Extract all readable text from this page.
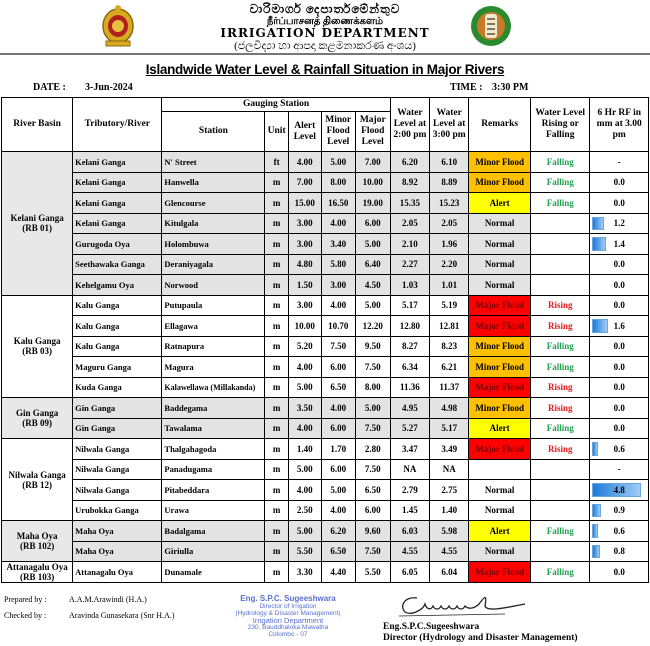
වාරිමාර්ග දෙපාර්තමේන්තුව
நீர்ப்பாசனத் திணைக்களம்
IRRIGATION DEPARTMENT
(ජලවිද්‍යා හා ආපදා කළමනාකරණ අංශය)
Islandwide Water Level & Rainfall Situation in Major Rivers
DATE : 3-Jun-2024	TIME : 3:30 PM
River Basin	Tributory/River	Gauging Station					Water Level at 2:00 pm	Water Level at 3:00 pm	Remarks	Water Level Rising or Falling	6 Hr RF in mm at 3.00 pm
		Station	Unit	Alert Level	Minor Flood Level	Major Flood Level					

Kelani Ganga
(RB 01)	Kelani Ganga	N' Street	ft	4.00	5.00	7.00	6.20	6.10	Minor Flood	Falling	-
	Kelani Ganga	Hanwella	m	7.00	8.00	10.00	8.92	8.89	Minor Flood	Falling	0.0
	Kelani Ganga	Glencourse	m	15.00	16.50	19.00	15.35	15.23	Alert	Falling	0.0
	Kelani Ganga	Kitulgala	m	3.00	4.00	6.00	2.05	2.05	Normal		1.2
	Gurugoda Oya	Holombuwa	m	3.00	3.40	5.00	2.10	1.96	Normal		1.4
	Seethawaka Ganga	Deraniyagala	m	4.80	5.80	6.40	2.27	2.20	Normal		0.0
	Kehelgamu Oya	Norwood	m	1.50	3.00	4.50	1.03	1.01	Normal		0.0

Kalu Ganga
(RB 03)	Kalu Ganga	Putupaula	m	3.00	4.00	5.00	5.17	5.19	Major Flood	Rising	0.0
	Kalu Ganga	Ellagawa	m	10.00	10.70	12.20	12.80	12.81	Major Flood	Rising	1.6
	Kalu Ganga	Ratnapura	m	5.20	7.50	9.50	8.27	8.23	Minor Flood	Falling	0.0
	Maguru Ganga	Magura	m	4.00	6.00	7.50	6.34	6.21	Minor Flood	Falling	0.0
	Kuda Ganga	Kalawellawa (Millakanda)	m	5.00	6.50	8.00	11.36	11.37	Major Flood	Rising	0.0

Gin Ganga
(RB 09)	Gin Ganga	Baddegama	m	3.50	4.00	5.00	4.95	4.98	Minor Flood	Rising	0.0
	Gin Ganga	Tawalama	m	4.00	6.00	7.50	5.27	5.17	Alert	Falling	0.0

Nilwala Ganga
(RB 12)	Nilwala Ganga	Thalgahagoda	m	1.40	1.70	2.80	3.47	3.49	Major Flood	Rising	0.6
	Nilwala Ganga	Panadugama	m	5.00	6.00	7.50	NA	NA			-
	Nilwala Ganga	Pitabeddara	m	4.00	5.00	6.50	2.79	2.75	Normal		4.8
	Urubokka Ganga	Urawa	m	2.50	4.00	6.00	1.45	1.40	Normal		0.9

Maha Oya
(RB 102)	Maha Oya	Badalgama	m	5.00	6.20	9.60	6.03	5.98	Alert	Falling	0.6
	Maha Oya	Giriulla	m	5.50	6.50	7.50	4.55	4.55	Normal		0.8

Attanagalu Oya
(RB 103)	Attanagalu Oya	Dunamale	m	3.30	4.40	5.50	6.05	6.04	Major Flood	Falling	0.0
Prepared by :	A.A.M.Arawindi (H.A.)
Checked by :	Aravinda Gunasekara (Snr H.A.)
Eng. S.P.C. Sugeeshwara
Director of Irrigation
(Hydrology & Disaster Management)
Irrigation Department
230, Bauddhaloka Mawatha
Colombo - 07
Eng.S.P.C.Sugeeshwara
Director (Hydrology and Disaster Management)
